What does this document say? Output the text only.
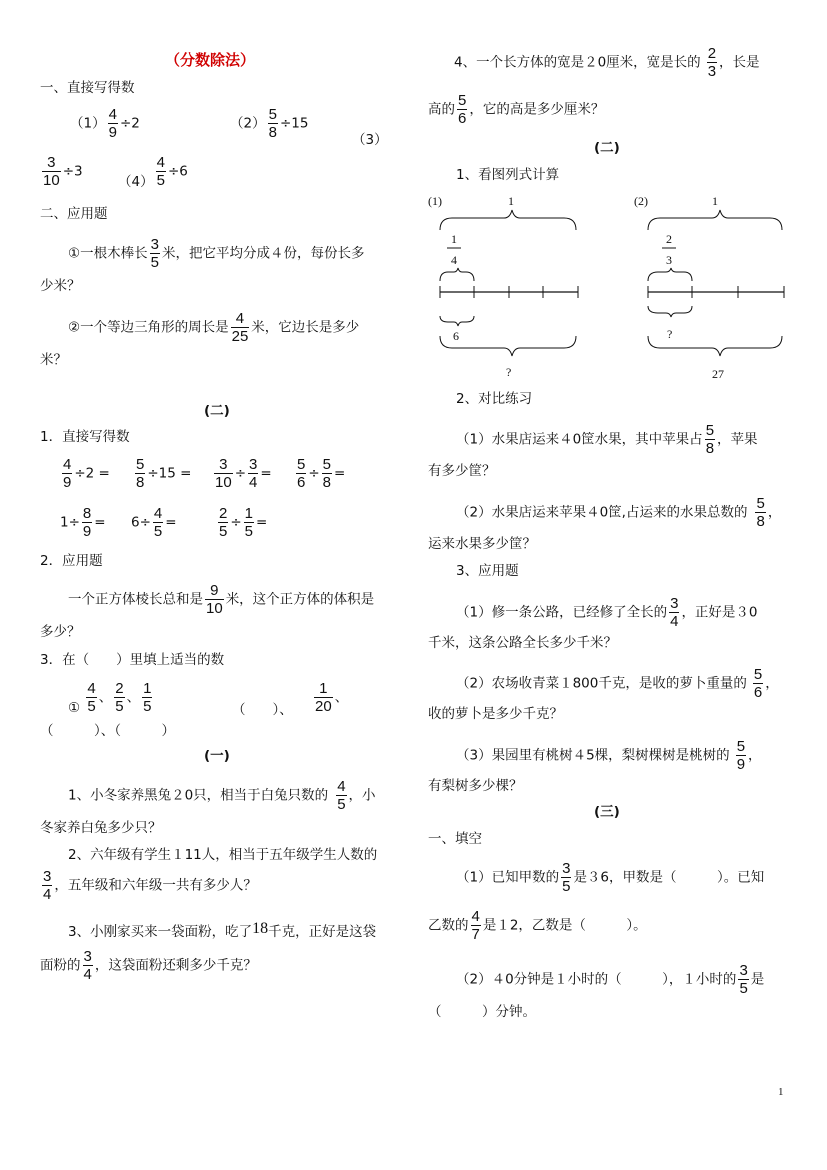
（分数除法）
一、直接写得数
$(1) \frac{4}{9} \div 2$	$(2) \frac{5}{8} \div 15$
（3）
$\frac{3}{10} \div 3$
$(4) \frac{4}{5} \div 6$
二、应用题
①一根木棒长 $\frac{3}{5}$ 米，把它平均分成４份，每份长多
少米？
②一个等边三角形的周长是 $\frac{4}{25}$ 米，它边长是多少
米？
(二)
1．直接写得数
$\frac{4}{9} \div 2 = \frac{5}{8} \div 15 = \frac{3}{10} \div \frac{3}{4} = \frac{5}{6} \div \frac{5}{8}$ =
$1\div \frac{8}{9} = 6\div \frac{4}{5}$ =	$\frac{2}{5} \div \frac{1}{5}$ =
2．应用题
一个正方体棱长总和是 $\frac{9}{10}$ 米，这个正方体的体积是
多少？
3．在（　　）里填上适当的数
① $\frac{4}{5}$ 、 $\frac{2}{5}$ 、 $\frac{1}{5}$	（　　）、 $\frac{1}{20}$ 、
（　　　）、（　　　）
(一)
1、小冬家养黑兔２0只，相当于白兔只数的 $\frac{4}{5}$ ，小
冬家养白兔多少只？
2、六年级有学生１11人，相当于五年级学生人数的
$\frac{3}{4}$ ，五年级和六年级一共有多少人？
3、小刚家买来一袋面粉，吃了18千克，正好是这袋
面粉的 $\frac{3}{4}$ ，这袋面粉还剩多少千克？
4、一个长方体的宽是２0厘米，宽是长的 $\frac{2}{3}$ ，长是
高的 $\frac{5}{6}$ ，它的高是多少厘米？
(二)
1、看图列式计算
(1)	1
1
4
6
?
(2)	1
2
3
?
27
2、对比练习
（1）水果店运来４0筐水果，其中苹果占 $\frac{5}{8}$ ，苹果
有多少筐？
（2）水果店运来苹果４0筐,占运来的水果总数的 $\frac{5}{8}$ ，
运来水果多少筐？
3、应用题
（1）修一条公路，已经修了全长的 $\frac{3}{4}$ ，正好是３0
千米，这条公路全长多少千米？
（2）农场收青菜１800千克，是收的萝卜重量的 $\frac{5}{6}$ ，
收的萝卜是多少千克？
（3）果园里有桃树４5棵，梨树棵树是桃树的 $\frac{5}{9}$ ，
有梨树多少棵？
(三)
一、填空
（1）已知甲数的 $\frac{3}{5}$ 是３6，甲数是（　　　）。已知
乙数的 $\frac{4}{7}$ 是１2，乙数是（　　　）。
（2）４0分钟是１小时的（　　　），１小时的 $\frac{3}{5}$ 是
（　　　）分钟。
1
